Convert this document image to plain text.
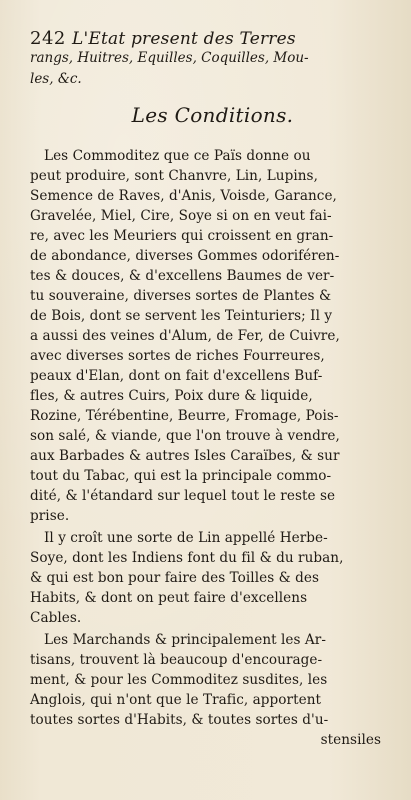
242 L'Etat present des Terres
rangs, Huitres, Equilles, Coquilles, Mou-
les, &c.
Les Conditions.
Les Commoditez que ce Païs donne ou
peut produire, sont Chanvre, Lin, Lupins,
Semence de Raves, d'Anis, Voisde, Garance,
Gravelée, Miel, Cire, Soye si on en veut fai-
re, avec les Meuriers qui croissent en gran-
de abondance, diverses Gommes odoriféren-
tes & douces, & d'excellens Baumes de ver-
tu souveraine, diverses sortes de Plantes &
de Bois, dont se servent les Teinturiers; Il y
a aussi des veines d'Alum, de Fer, de Cuivre,
avec diverses sortes de riches Fourreures,
peaux d'Elan, dont on fait d'excellens Buf-
fles, & autres Cuirs, Poix dure & liquide,
Rozine, Térébentine, Beurre, Fromage, Pois-
son salé, & viande, que l'on trouve à vendre,
aux Barbades & autres Isles Caraïbes, & sur
tout du Tabac, qui est la principale commo-
dité, & l'étandard sur lequel tout le reste se
prise.
Il y croît une sorte de Lin appellé Herbe-
Soye, dont les Indiens font du fil & du ruban,
& qui est bon pour faire des Toilles & des
Habits, & dont on peut faire d'excellens
Cables.
Les Marchands & principalement les Ar-
tisans, trouvent là beaucoup d'encourage-
ment, & pour les Commoditez susdites, les
Anglois, qui n'ont que le Trafic, apportent
toutes sortes d'Habits, & toutes sortes d'u-
stensiles
